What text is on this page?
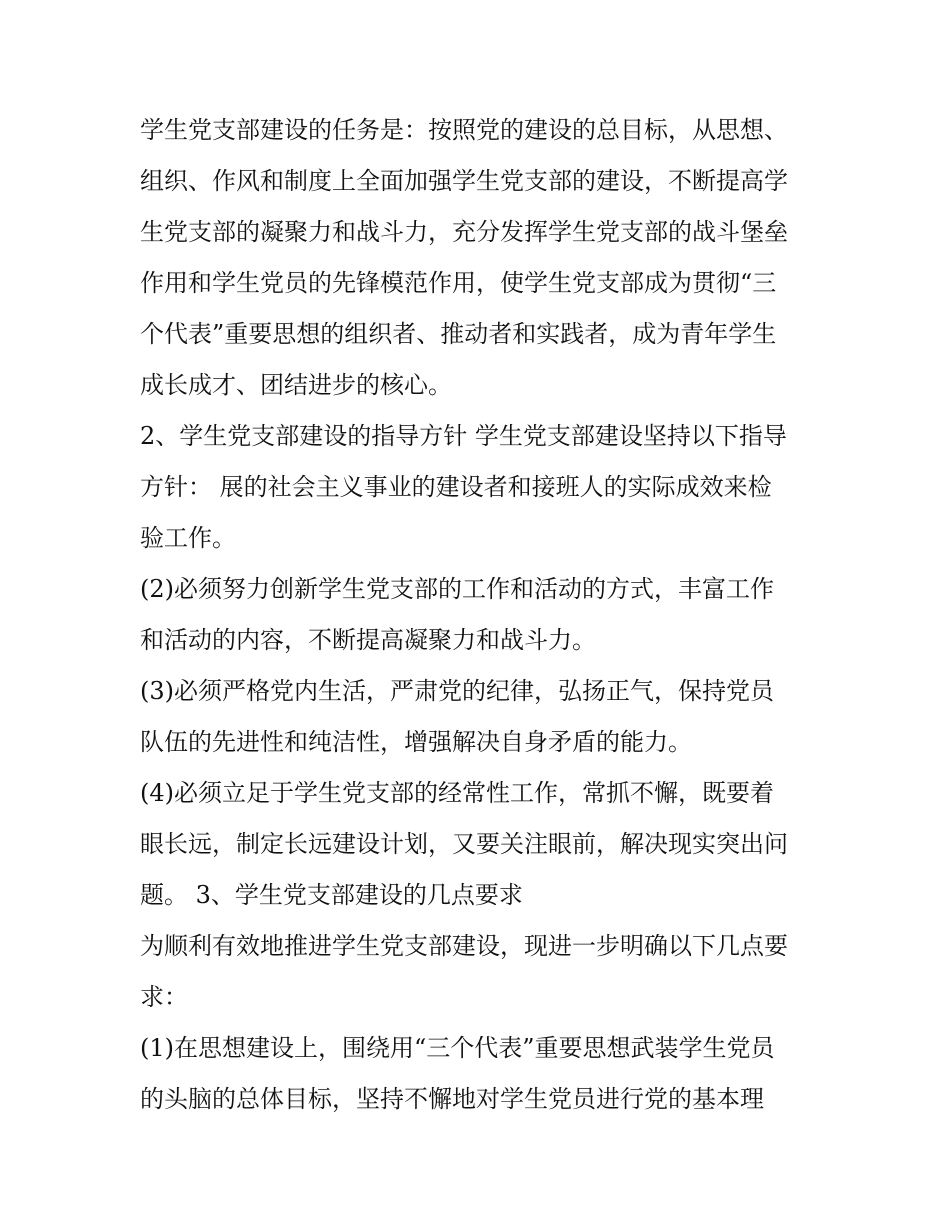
学生党支部建设的任务是：按照党的建设的总目标，从思想、
组织、作风和制度上全面加强学生党支部的建设，不断提高学
生党支部的凝聚力和战斗力，充分发挥学生党支部的战斗堡垒
作用和学生党员的先锋模范作用，使学生党支部成为贯彻“三
个代表”重要思想的组织者、推动者和实践者，成为青年学生
成长成才、团结进步的核心。
2、学生党支部建设的指导方针 学生党支部建设坚持以下指导
方针： 展的社会主义事业的建设者和接班人的实际成效来检
验工作。
(2)必须努力创新学生党支部的工作和活动的方式，丰富工作
和活动的内容，不断提高凝聚力和战斗力。
(3)必须严格党内生活，严肃党的纪律，弘扬正气，保持党员
队伍的先进性和纯洁性，增强解决自身矛盾的能力。
(4)必须立足于学生党支部的经常性工作，常抓不懈，既要着
眼长远，制定长远建设计划，又要关注眼前，解决现实突出问
题。 3、学生党支部建设的几点要求
为顺利有效地推进学生党支部建设，现进一步明确以下几点要
求：
(1)在思想建设上，围绕用“三个代表”重要思想武装学生党员
的头脑的总体目标，坚持不懈地对学生党员进行党的基本理
